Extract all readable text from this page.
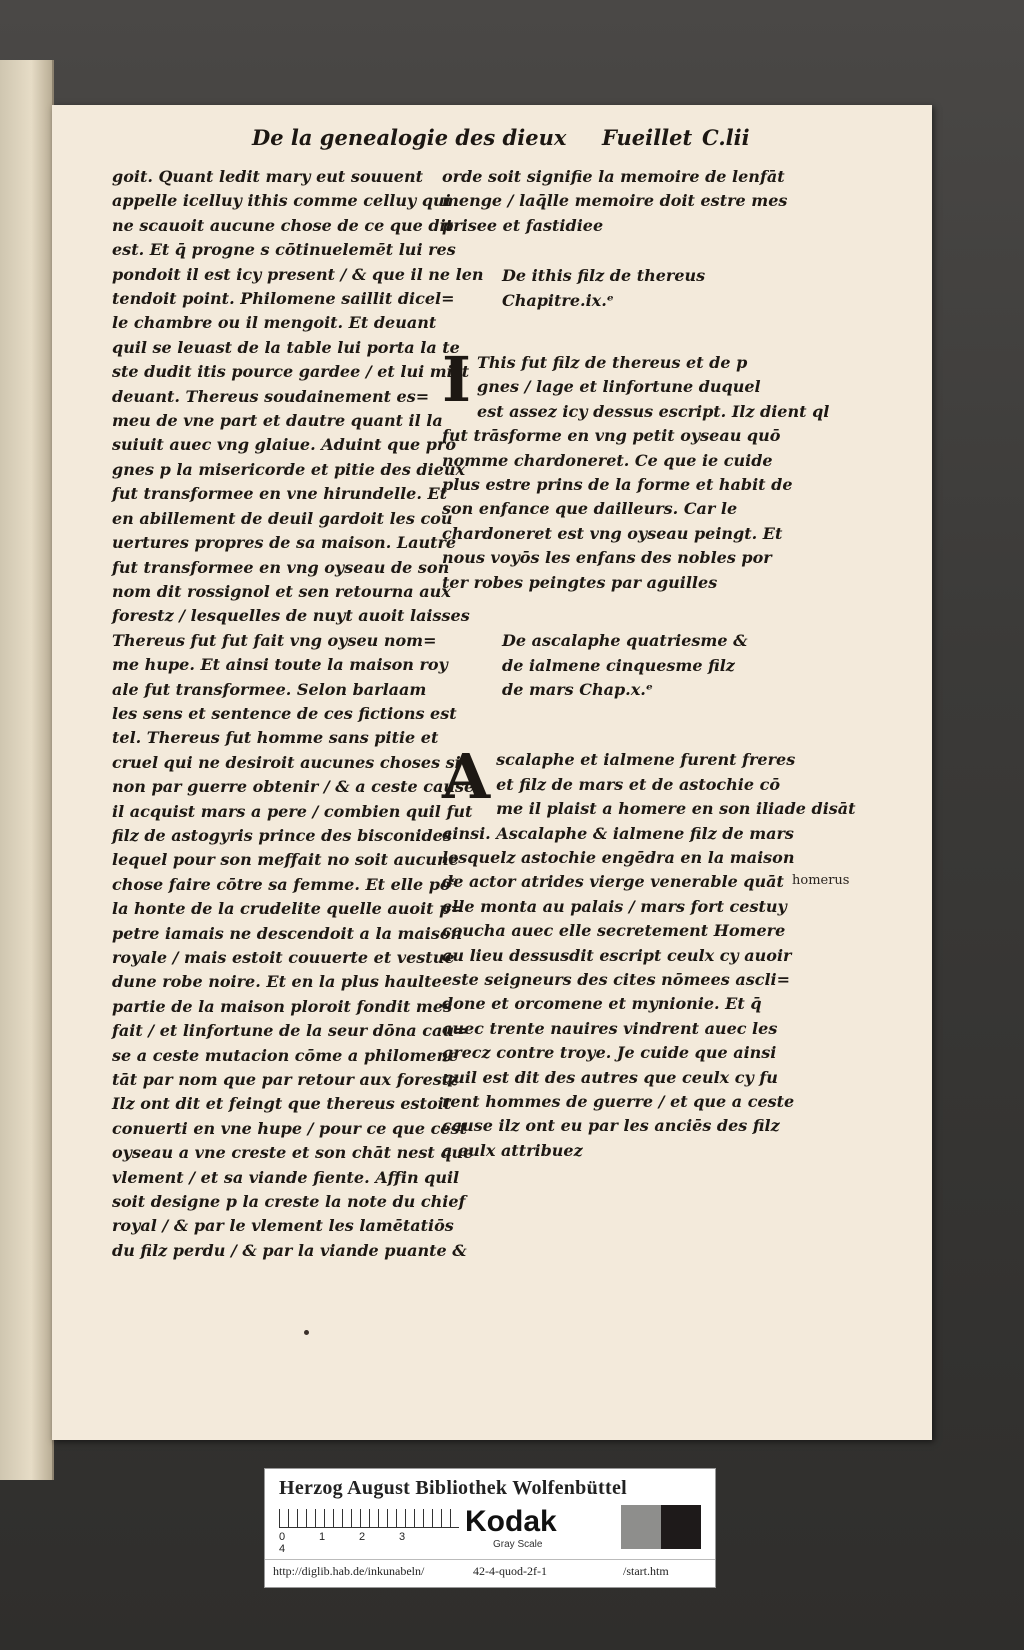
De la genealogie des dieux Fueillet C.lii
goit. Quant ledit mary eut souuent
appelle icelluy ithis comme celluy qui
ne scauoit aucune chose de ce que dit
est. Et q̄ progne s cōtinuelemēt lui res
pondoit il est icy present / & que il ne len
tendoit point. Philomene saillit dicel=
le chambre ou il mengoit. Et deuant
quil se leuast de la table lui porta la te
ste dudit itis pource gardee / et lui mist
deuant. Thereus soudainement es=
meu de vne part et dautre quant il la
suiuit auec vng glaiue. Aduint que pro
gnes p la misericorde et pitie des dieux
fut transformee en vne hirundelle. Et
en abillement de deuil gardoit les cou
uertures propres de sa maison. Lautre
fut transformee en vng oyseau de son
nom dit rossignol et sen retourna aux
forestz / lesquelles de nuyt auoit laisses
Thereus fut fut fait vng oyseu nom=
me hupe. Et ainsi toute la maison roy
ale fut transformee. Selon barlaam
les sens et sentence de ces fictions est
tel. Thereus fut homme sans pitie et
cruel qui ne desiroit aucunes choses si
non par guerre obtenir / & a ceste cause
il acquist mars a pere / combien quil fut
filz de astogyris prince des bisconides
lequel pour son meffait no soit aucune
chose faire cōtre sa femme. Et elle po⁹
la honte de la crudelite quelle auoit p=
petre iamais ne descendoit a la maison
royale / mais estoit couuerte et vestue
dune robe noire. Et en la plus haulte
partie de la maison ploroit fondit mes
fait / et linfortune de la seur dōna cau=
se a ceste mutacion cōme a philomene
tāt par nom que par retour aux forestz
Ilz ont dit et feingt que thereus estoit
conuerti en vne hupe / pour ce que cest
oyseau a vne creste et son chāt nest que
vlement / et sa viande fiente. Affin quil
soit designe p la creste la note du chief
royal / & par le vlement les lamētatiōs
du filz perdu / & par la viande puante &
orde soit signifie la memoire de lenfāt
menge / laq̄lle memoire doit estre mes
prisee et fastidiee
De ithis filz de thereus
Chapitre.ix.ᵉ
I This fut filz de thereus et de p
gnes / lage et linfortune duquel
est assez icy dessus escript. Ilz dient ql
fut trāsforme en vng petit oyseau quō
nomme chardoneret. Ce que ie cuide
plus estre prins de la forme et habit de
son enfance que dailleurs. Car le
chardoneret est vng oyseau peingt. Et
nous voyōs les enfans des nobles por
ter robes peingtes par aguilles
De ascalaphe quatriesme &
de ialmene cinquesme filz
de mars Chap.x.ᵉ
A scalaphe et ialmene furent freres
et filz de mars et de astochie cō
me il plaist a homere en son iliade disāt
ainsi. Ascalaphe & ialmene filz de mars
lesquelz astochie engēdra en la maison
de actor atrides vierge venerable quāt
elle monta au palais / mars fort cestuy
coucha auec elle secretement Homere
au lieu dessusdit escript ceulx cy auoir
este seigneurs des cites nōmees ascli=
done et orcomene et mynionie. Et q̄
auec trente nauires vindrent auec les
grecz contre troye. Je cuide que ainsi
quil est dit des autres que ceulx cy fu
rent hommes de guerre / et que a ceste
cause ilz ont eu par les anciēs des filz
a eulx attribuez
homerus
Herzog August Bibliothek Wolfenbüttel
0	1	2	34
Kodak
Gray Scale
http://diglib.hab.de/inkunabeln/	42-4-quod-2f-1	/start.htm
